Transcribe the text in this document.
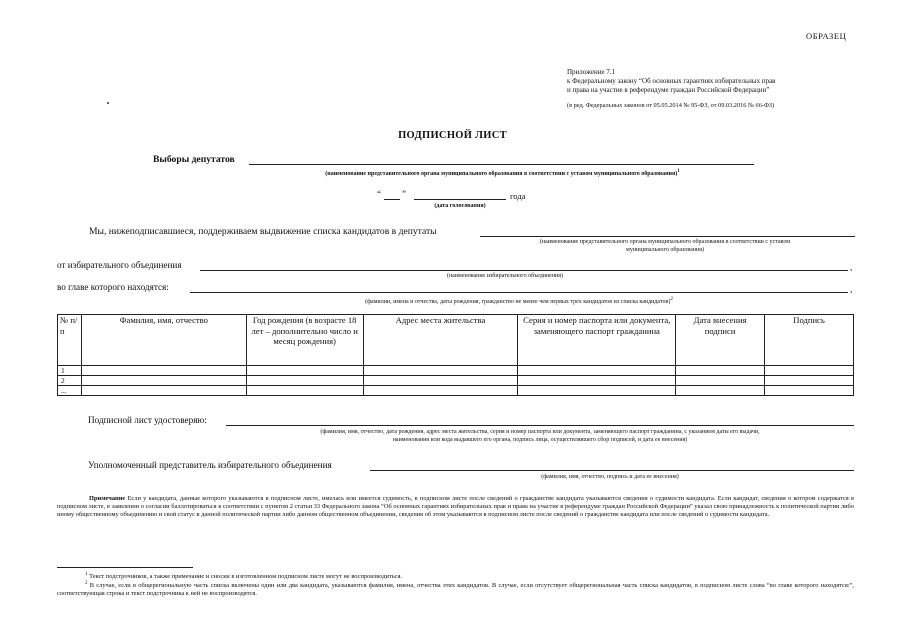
ОБРАЗЕЦ
Приложение 7.1
к Федеральному закону “Об основных гарантиях избирательных прав
и права на участие в референдуме граждан Российской Федерации”
(в ред. Федеральных законов от 05.05.2014 № 95-ФЗ, от 09.03.2016 № 66-ФЗ)
ПОДПИСНОЙ ЛИСТ
Выборы депутатов
(наименование представительного органа муниципального образования в соответствии с уставом муниципального образования)$^1$
“ ”	года
(дата голосования)
Мы, нижеподписавшиеся, поддерживаем выдвижение списка кандидатов в депутаты
(наименование представительного органа муниципального образования в соответствии с уставом
муниципального образования)
от избирательного объединения	,
(наименование избирательного объединения)
во главе которого находятся:	,
(фамилии, имена и отчества, даты рождения, гражданство не менее чем первых трех кандидатов из списка кандидатов)$^2$
№ п/п	Фамилия, имя, отчество	Год рождения (в возрасте 18 лет – дополнительно число и месяц рождения)	Адрес места жительства	Серия и номер паспорта или документа, заменяющего паспорт гражданина	Дата внесения подписи	Подпись
1						
2						
...						
Подписной лист удостоверяю:
(фамилия, имя, отчество, дата рождения, адрес места жительства, серия и номер паспорта или документа, заменяющего паспорт гражданина, с указанием даты его выдачи,
наименования или кода выдавшего его органа, подпись лица, осуществлявшего сбор подписей, и дата ее внесения)
Уполномоченный представитель избирательного объединения
(фамилия, имя, отчество, подпись и дата ее внесения)
Примечание Если у кандидата, данные которого указываются в подписном листе, имелась или имеется судимость, в подписном листе после сведений о гражданстве кандидата указываются сведения о судимости кандидата. Если кандидат, сведения о котором содержатся в подписном листе, в заявлении о согласии баллотироваться в соответствии с пунктом 2 статьи 33 Федерального закона “Об основных гарантиях избирательных прав и права на участие в референдуме граждан Российской Федерации” указал свою принадлежность к политической партии либо иному общественному объединению и свой статус в данной политической партии либо данном общественном объединении, сведения об этом указываются в подписном листе после сведений о гражданстве кандидата или после сведений о судимости кандидата.
$^1$ Текст подстрочников, а также примечание и сноски в изготовленном подписном листе могут не воспроизводиться.
$^2$ В случае, если в общерегиональную часть списка включены один или два кандидата, указываются фамилия, имена, отчества этих кандидатов. В случае, если отсутствует общерегиональная часть списка кандидатов, в подписном листе слова “во главе которого находятся:”, соответствующая строка и текст подстрочника к ней не воспроизводятся.
